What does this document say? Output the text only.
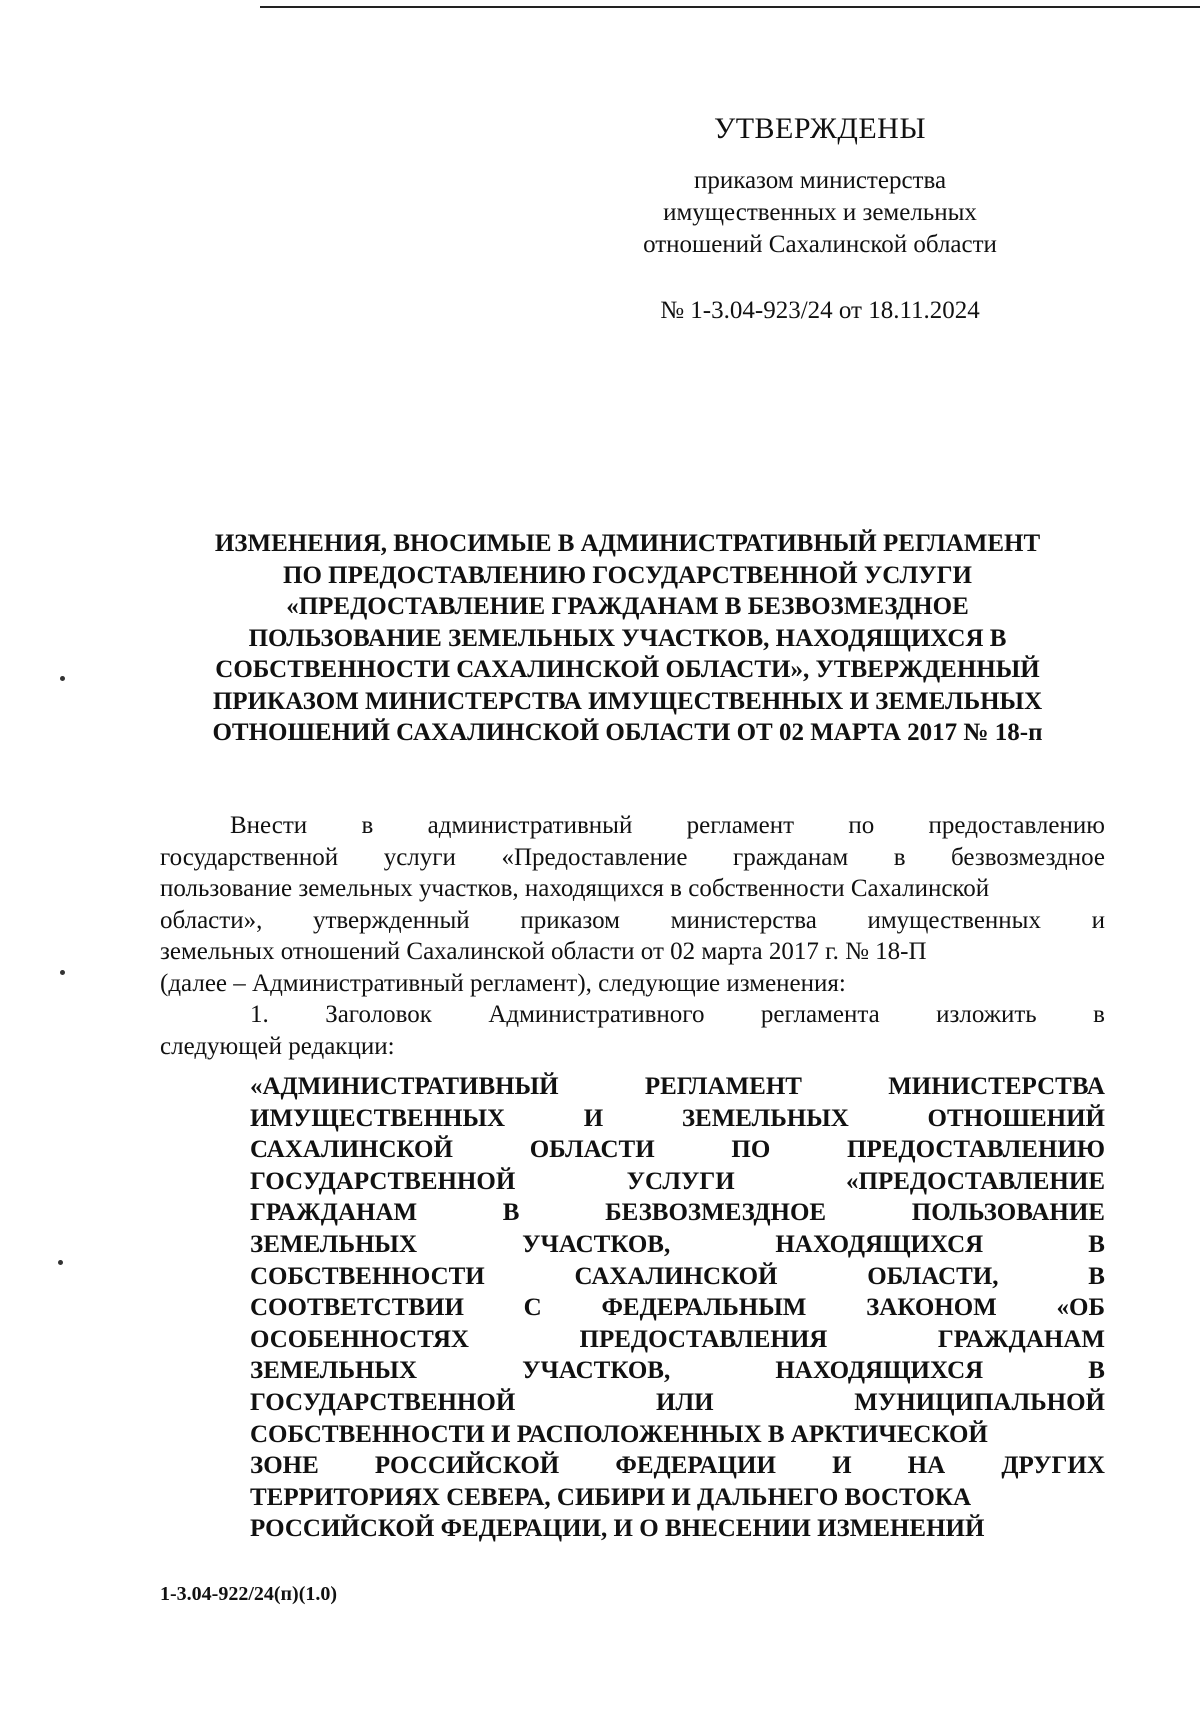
УТВЕРЖДЕНЫ
приказом министерства
имущественных и земельных
отношений Сахалинской области
№ 1-3.04-923/24 от 18.11.2024
ИЗМЕНЕНИЯ, ВНОСИМЫЕ В АДМИНИСТРАТИВНЫЙ РЕГЛАМЕНТ
ПО ПРЕДОСТАВЛЕНИЮ ГОСУДАРСТВЕННОЙ УСЛУГИ
«ПРЕДОСТАВЛЕНИЕ ГРАЖДАНАМ В БЕЗВОЗМЕЗДНОЕ
ПОЛЬЗОВАНИЕ ЗЕМЕЛЬНЫХ УЧАСТКОВ, НАХОДЯЩИХСЯ В
СОБСТВЕННОСТИ САХАЛИНСКОЙ ОБЛАСТИ», УТВЕРЖДЕННЫЙ
ПРИКАЗОМ МИНИСТЕРСТВА ИМУЩЕСТВЕННЫХ И ЗЕМЕЛЬНЫХ
ОТНОШЕНИЙ САХАЛИНСКОЙ ОБЛАСТИ ОТ 02 МАРТА 2017 № 18-п
Внести в административный регламент по предоставлению
государственной услуги «Предоставление гражданам в безвозмездное
пользование земельных участков, находящихся в собственности Сахалинской
области», утвержденный приказом министерства имущественных и
земельных отношений Сахалинской области от 02 марта 2017 г. № 18-П
(далее – Административный регламент), следующие изменения:
1. Заголовок Административного регламента изложить в
следующей редакции:
«АДМИНИСТРАТИВНЫЙ	РЕГЛАМЕНТ	МИНИСТЕРСТВА
ИМУЩЕСТВЕННЫХ	И	ЗЕМЕЛЬНЫХ	ОТНОШЕНИЙ
САХАЛИНСКОЙ	ОБЛАСТИ	ПО	ПРЕДОСТАВЛЕНИЮ
ГОСУДАРСТВЕННОЙ	УСЛУГИ	«ПРЕДОСТАВЛЕНИЕ
ГРАЖДАНАМ	В	БЕЗВОЗМЕЗДНОЕ	ПОЛЬЗОВАНИЕ
ЗЕМЕЛЬНЫХ	УЧАСТКОВ,	НАХОДЯЩИХСЯ	В
СОБСТВЕННОСТИ	САХАЛИНСКОЙ	ОБЛАСТИ,	В
СООТВЕТСТВИИ С ФЕДЕРАЛЬНЫМ ЗАКОНОМ «ОБ
ОСОБЕННОСТЯХ	ПРЕДОСТАВЛЕНИЯ	ГРАЖДАНАМ
ЗЕМЕЛЬНЫХ	УЧАСТКОВ,	НАХОДЯЩИХСЯ	В
ГОСУДАРСТВЕННОЙ	ИЛИ	МУНИЦИПАЛЬНОЙ
СОБСТВЕННОСТИ И РАСПОЛОЖЕННЫХ В АРКТИЧЕСКОЙ
ЗОНЕ РОССИЙСКОЙ ФЕДЕРАЦИИ И НА ДРУГИХ
ТЕРРИТОРИЯХ СЕВЕРА, СИБИРИ И ДАЛЬНЕГО ВОСТОКА
РОССИЙСКОЙ ФЕДЕРАЦИИ, И О ВНЕСЕНИИ ИЗМЕНЕНИЙ
1-3.04-922/24(п)(1.0)
